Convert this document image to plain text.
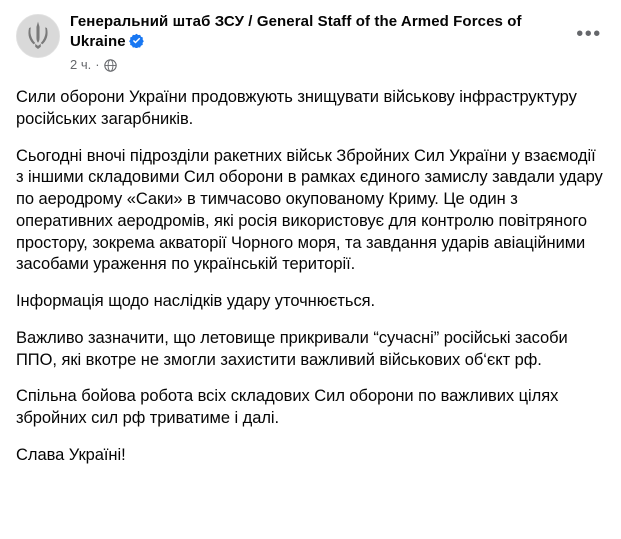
Генеральний штаб ЗСУ / General Staff of the Armed Forces of Ukraine
2 ч. ·
•••

Сили оборони України продовжують знищувати військову інфраструктуру російських загарбників.

Сьогодні вночі підрозділи ракетних військ Збройних Сил України у взаємодії з іншими складовими Сил оборони в рамках єдиного замислу завдали удару по аеродрому «Саки» в тимчасово окупованому Криму. Це один з оперативних аеродромів, які росія використовує для контролю повітряного простору, зокрема акваторії Чорного моря, та завдання ударів авіаційними засобами ураження по українській території.

Інформація щодо наслідків удару уточнюється.

Важливо зазначити, що летовище прикривали “сучасні” російські засоби ППО, які вкотре не змогли захистити важливий військових об‘єкт рф.

Спільна бойова робота всіх складових Сил оборони по важливих цілях збройних сил рф триватиме і далі.

Слава Україні!
